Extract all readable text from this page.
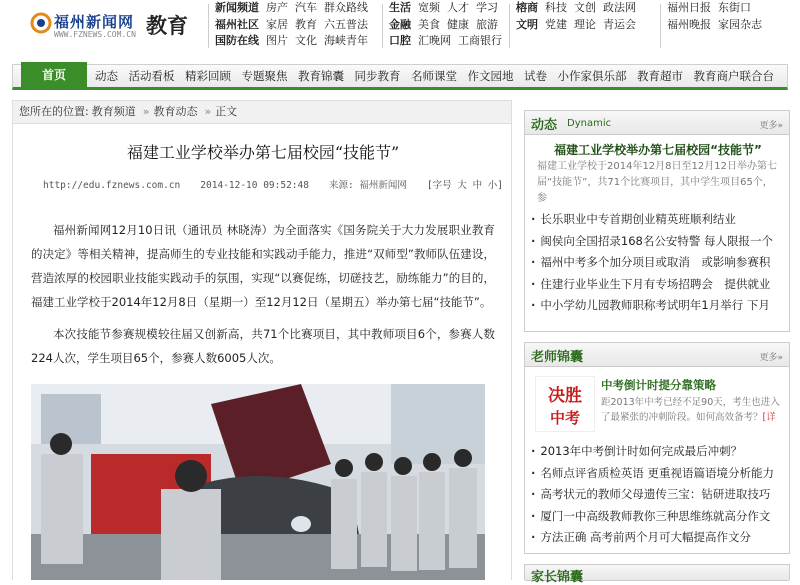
福州新闻网
WWW.FZNEWS.COM.CN 教育
新闻频道 房产 汽车 群众路线
福州社区 家居 教育 六五普法
国防在线 图片 文化 海峡青年
生活 宽频 人才 学习
金融 美食 健康 旅游
口腔 汇晚网 工商银行
榕商 科技 文创 政法网
文明 党建 理论 青运会
福州日报 东街口
福州晚报 家园杂志
首页	动态 活动看板 精彩回顾 专题聚焦 教育锦囊 同步教育 名师课堂 作文园地 试卷 小作家俱乐部 教育超市 教育商户联合台
您所在的位置: 教育频道 » 教育动态 » 正文
福建工业学校举办第七届校园“技能节”
http://edu.fznews.com.cn 2014-12-10 09:52:48 来源: 福州新闻网 [字号 大 中 小]
福州新闻网12月10日讯（通讯员 林晓涛）为全面落实《国务院关于大力发展职业教育的决定》等相关精神，提高师生的专业技能和实践动手能力，推进“双师型”教师队伍建设，营造浓厚的校园职业技能实践动手的氛围，实现“以赛促练，切磋技艺，励练能力”的目的，福建工业学校于2014年12月8日（星期一）至12月12日（星期五）举办第七届“技能节”。
本次技能节参赛规模较往届又创新高，共71个比赛项目，其中教师项目6个，参赛人数224人次，学生项目65个，参赛人数6005人次。
动态 Dynamic	更多»
福建工业学校举办第七届校园“技能节”
福建工业学校于2014年12月8日至12月12日举办第七届“技能节”，共71个比赛项目，其中学生项目65个，参
· 长乐职业中专首期创业精英班顺利结业
· 闽侯向全国招录168名公安特警 每人限报一个
· 福州中考多个加分项目或取消　或影响参赛积
· 住建行业毕业生下月有专场招聘会　提供就业
· 中小学幼儿园教师职称考试明年1月举行 下月
老师锦囊	更多»
决胜
中考
中考倒计时提分靠策略
距2013年中考已经不足90天，考生也进入了最紧张的冲刺阶段。如何高效备考？[详
· 2013年中考倒计时如何完成最后冲刺？
· 名师点评省质检英语 更重视语篇语境分析能力
· 高考状元的教师父母遗传三宝：钻研进取技巧
· 厦门一中高级教师教你三种思维练就高分作文
· 方法正确 高考前两个月可大幅提高作文分
家长锦囊
